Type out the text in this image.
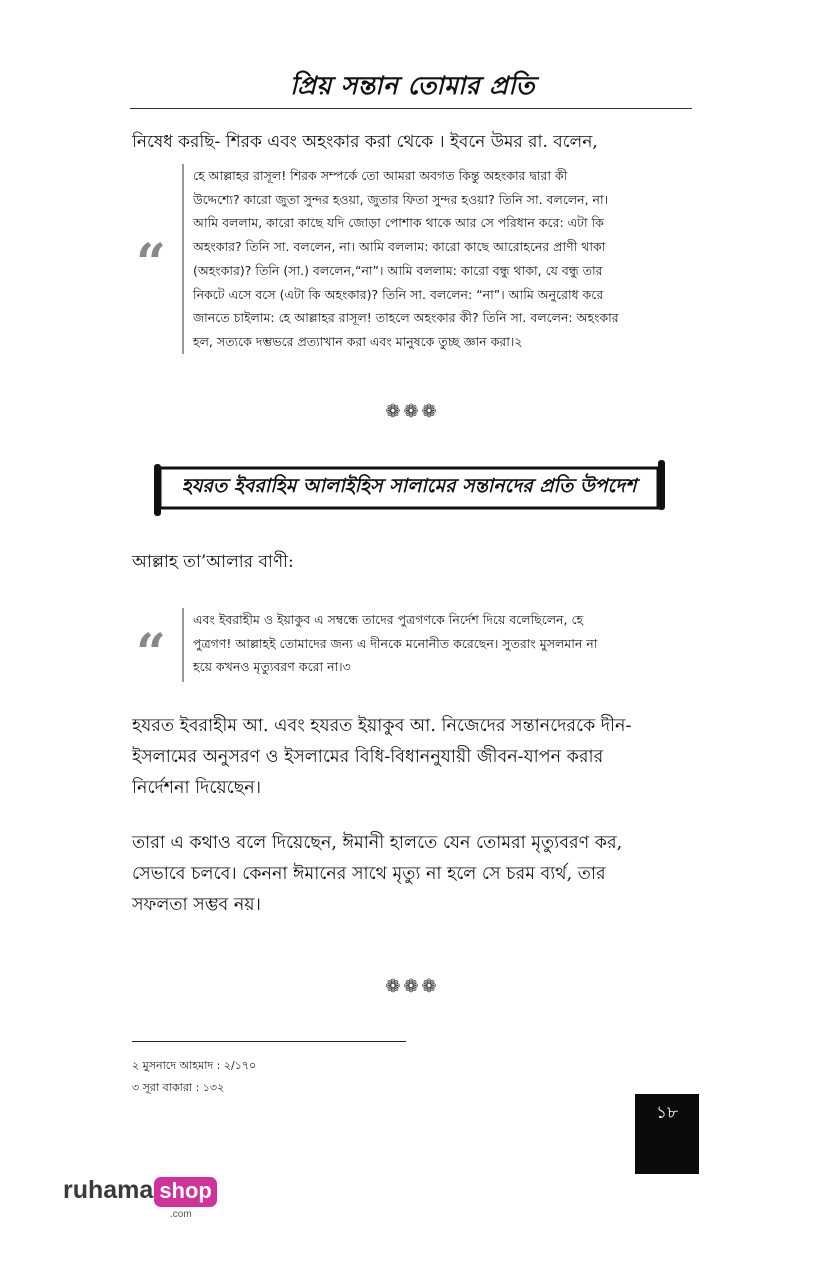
প্রিয় সন্তান তোমার প্রতি
নিষেধ করছি- শিরক এবং অহংকার করা থেকে । ইবনে উমর রা. বলেন,
“
হে আল্লাহর রাসূল! শিরক সম্পর্কে তো আমরা অবগত কিন্তু অহংকার দ্বারা কী
উদ্দেশ্যে? কারো জুতা সুন্দর হওয়া, জুতার ফিতা সুন্দর হওয়া? তিনি সা. বললেন, না।
আমি বললাম, কারো কাছে যদি জোড়া পোশাক থাকে আর সে পরিধান করে: এটা কি
অহংকার? তিনি সা. বললেন, না। আমি বললাম: কারো কাছে আরোহনের প্রাণী থাকা
(অহংকার)? তিনি (সা.) বললেন,“না”। আমি বললাম: কারো বন্ধু থাকা, যে বন্ধু তার
নিকটে এসে বসে (এটা কি অহংকার)? তিনি সা. বললেন: “না”। আমি অনুরোধ করে
জানতে চাইলাম: হে আল্লাহর রাসূল! তাহলে অহংকার কী? তিনি সা. বললেন: অহংকার
হল, সত্যকে দম্ভভরে প্রত্যাখান করা এবং মানুষকে তুচ্ছ জ্ঞান করা।২
❁❁❁
হযরত ইবরাহিম আলাইহিস সালামের সন্তানদের প্রতি উপদেশ
আল্লাহ তা’আলার বাণী:
“
এবং ইবরাহীম ও ইয়াকুব এ সম্বন্ধে তাদের পুত্রগণকে নির্দেশ দিয়ে বলেছিলেন, হে
পুত্রগণ! আল্লাহই তোমাদের জন্য এ দীনকে মনোনীত করেছেন। সুতরাং মুসলমান না
হয়ে কখনও মৃত্যুবরণ করো না।৩
হযরত ইবরাহীম আ. এবং হযরত ইয়াকুব আ. নিজেদের সন্তানদেরকে দীন-
ইসলামের অনুসরণ ও ইসলামের বিধি-বিধাননুযায়ী জীবন-যাপন করার
নির্দেশনা দিয়েছেন।
তারা এ কথাও বলে দিয়েছেন, ঈমানী হালতে যেন তোমরা মৃত্যুবরণ কর,
সেভাবে চলবে। কেননা ঈমানের সাথে মৃত্যু না হলে সে চরম ব্যর্থ, তার
সফলতা সম্ভব নয়।
❁❁❁
২ মুসনাদে আহমাদ : ২/১৭০
৩ সূরা বাকারা : ১৩২
১৮
ruhama shop
.com
